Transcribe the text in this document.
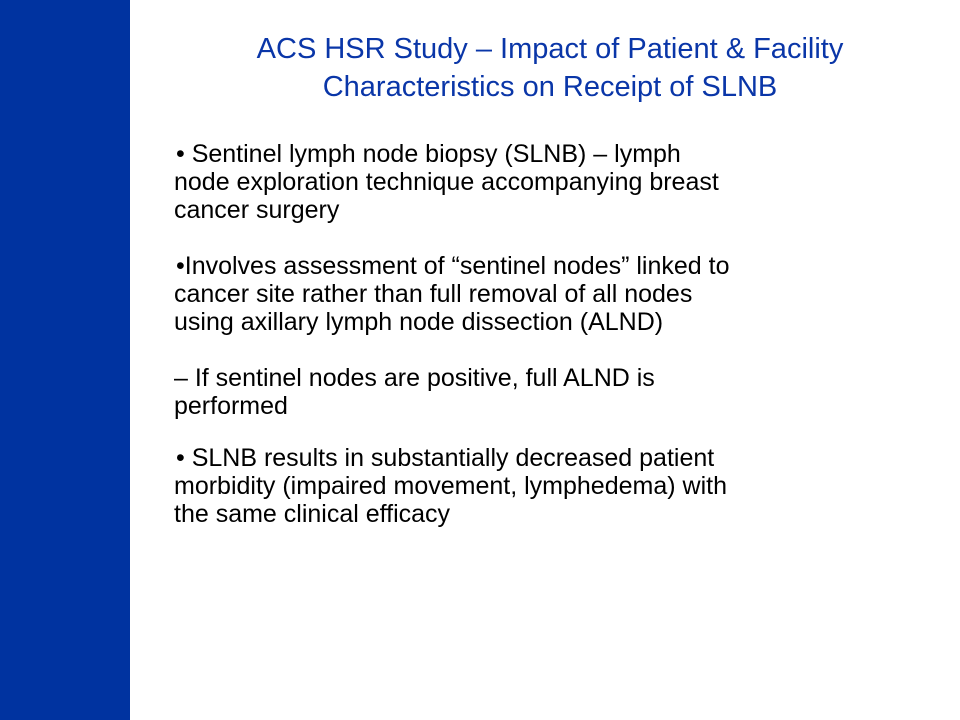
ACS HSR Study – Impact of Patient & Facility
Characteristics on Receipt of SLNB
• Sentinel lymph node biopsy (SLNB) – lymph
node exploration technique accompanying breast
cancer surgery
•Involves assessment of “sentinel nodes” linked to
cancer site rather than full removal of all nodes
using axillary lymph node dissection (ALND)
– If sentinel nodes are positive, full ALND is
performed
• SLNB results in substantially decreased patient
morbidity (impaired movement, lymphedema) with
the same clinical efficacy
